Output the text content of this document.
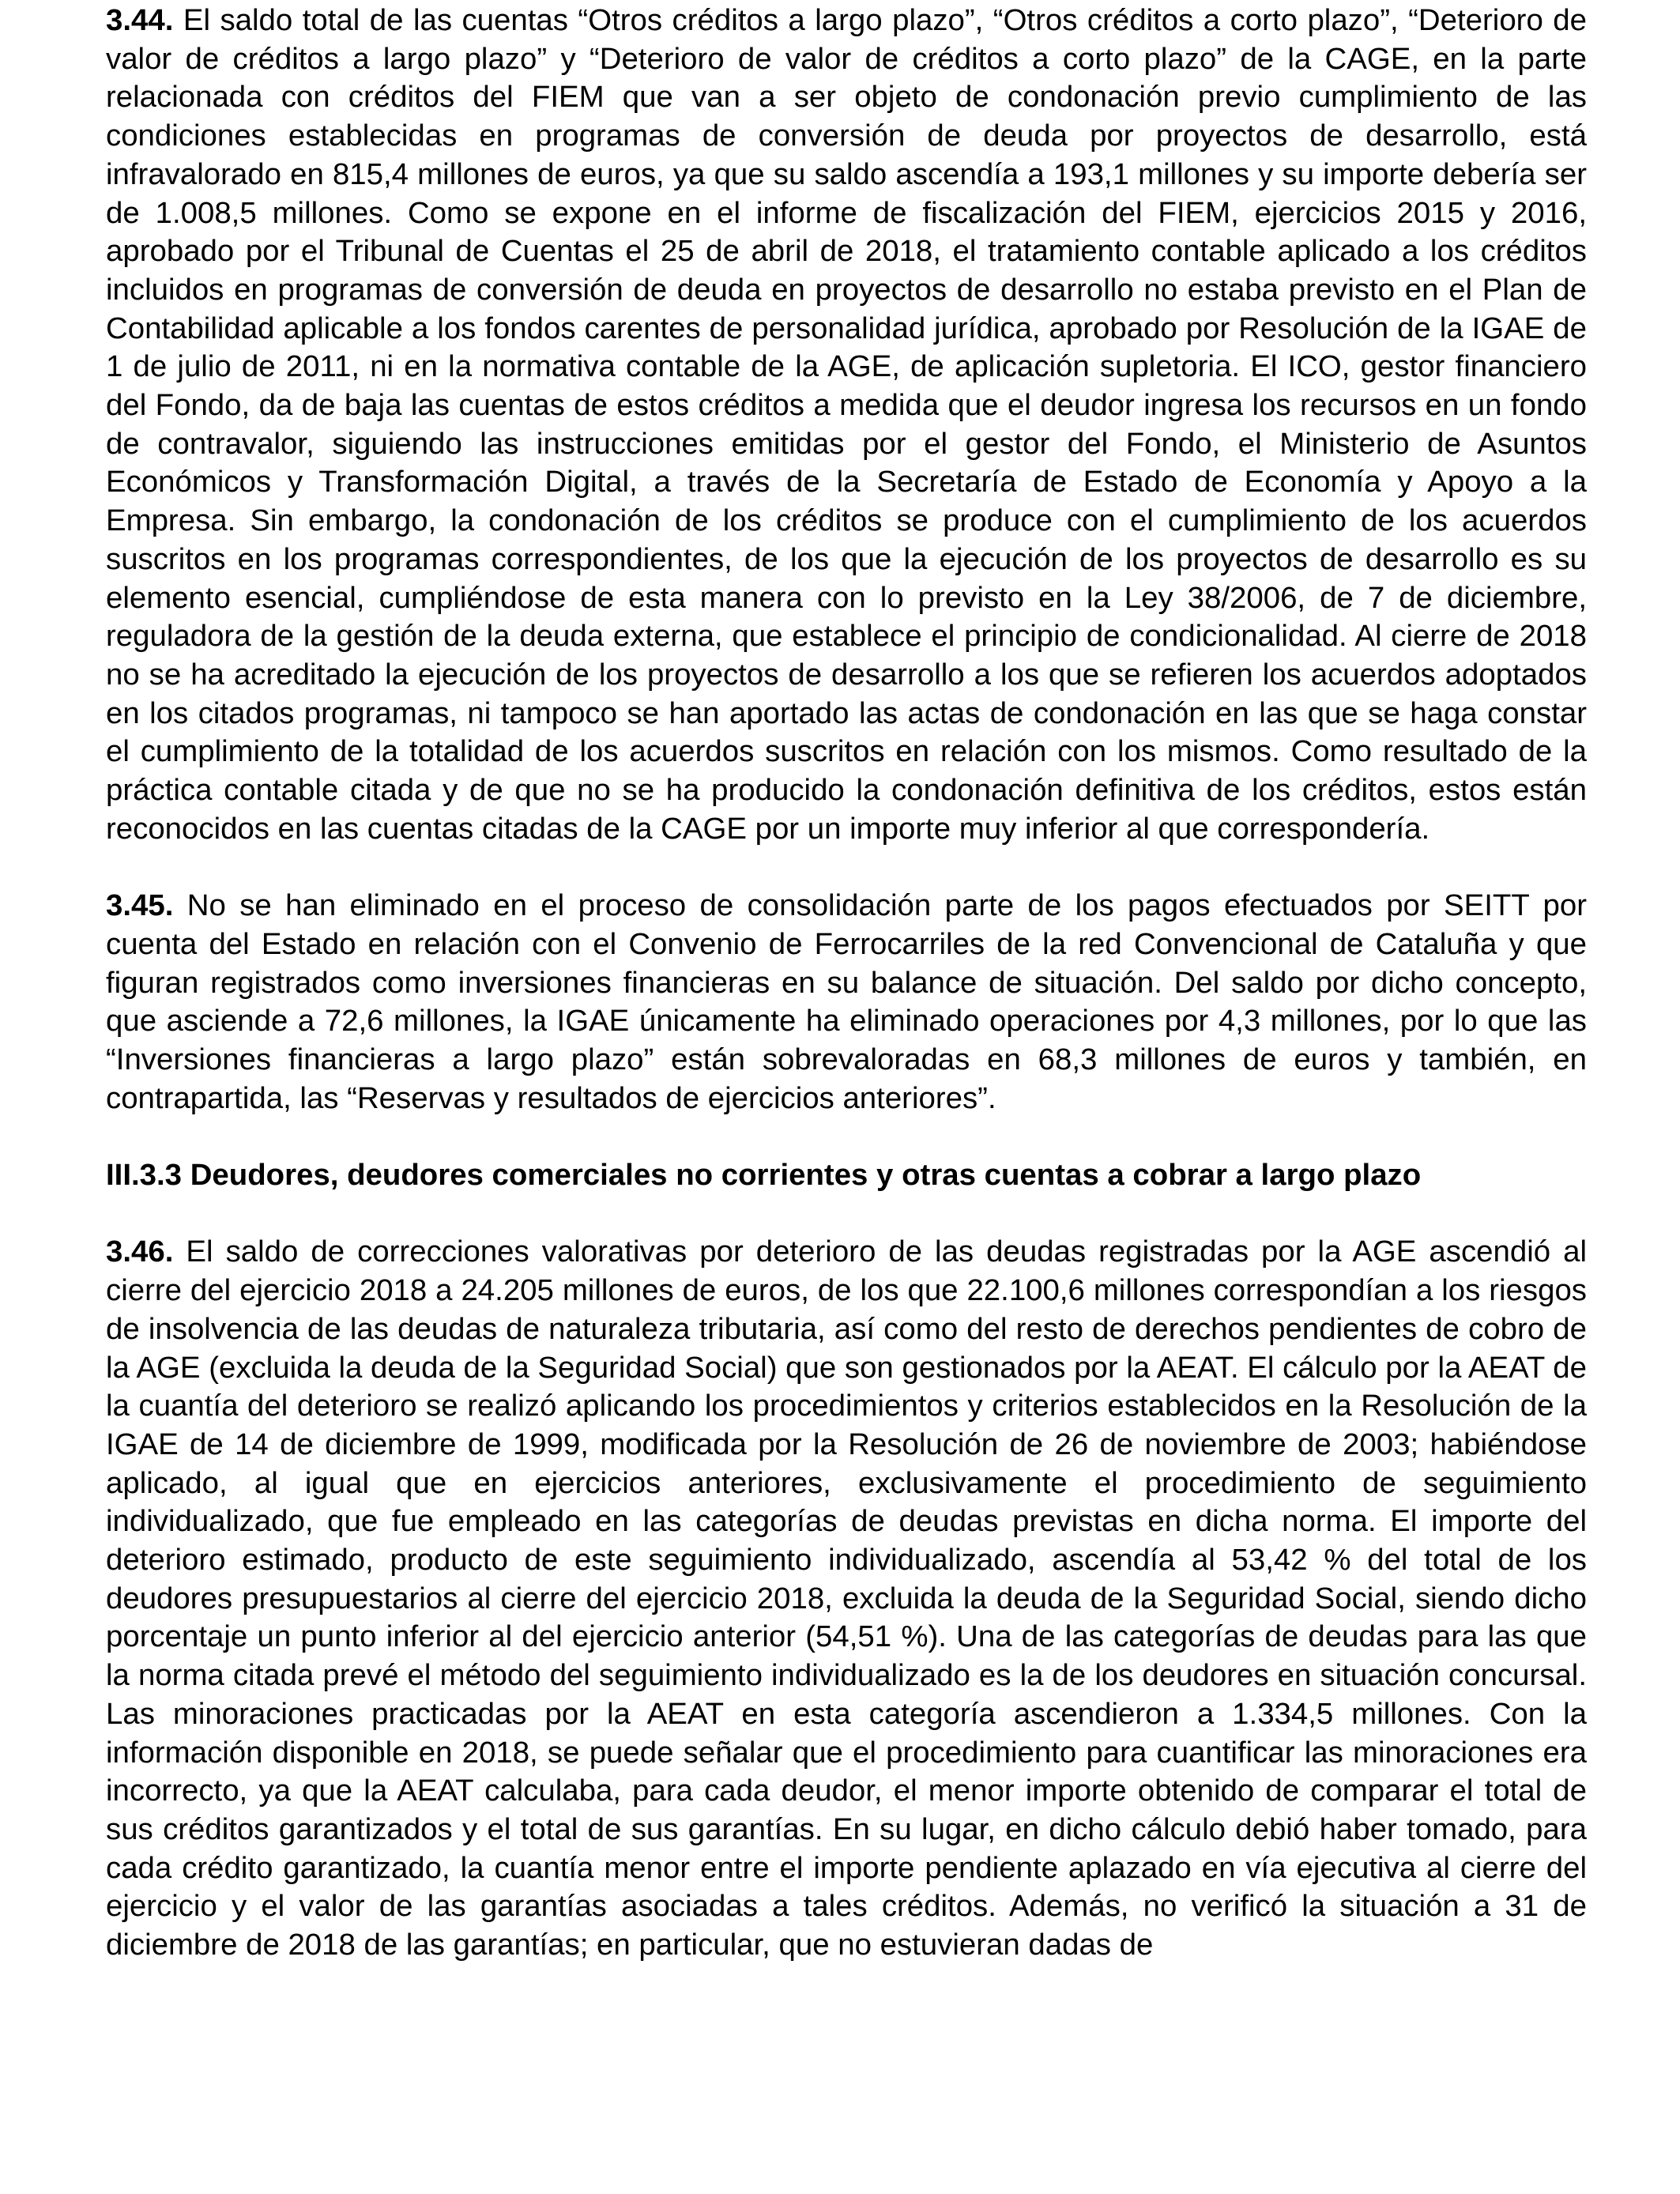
3.44. El saldo total de las cuentas “Otros créditos a largo plazo”, “Otros créditos a corto plazo”, “Deterioro de valor de créditos a largo plazo” y “Deterioro de valor de créditos a corto plazo” de la CAGE, en la parte relacionada con créditos del FIEM que van a ser objeto de condonación previo cumplimiento de las condiciones establecidas en programas de conversión de deuda por proyectos de desarrollo, está infravalorado en 815,4 millones de euros, ya que su saldo ascendía a 193,1 millones y su importe debería ser de 1.008,5 millones. Como se expone en el informe de fiscalización del FIEM, ejercicios 2015 y 2016, aprobado por el Tribunal de Cuentas el 25 de abril de 2018, el tratamiento contable aplicado a los créditos incluidos en programas de conversión de deuda en proyectos de desarrollo no estaba previsto en el Plan de Contabilidad aplicable a los fondos carentes de personalidad jurídica, aprobado por Resolución de la IGAE de 1 de julio de 2011, ni en la normativa contable de la AGE, de aplicación supletoria. El ICO, gestor financiero del Fondo, da de baja las cuentas de estos créditos a medida que el deudor ingresa los recursos en un fondo de contravalor, siguiendo las instrucciones emitidas por el gestor del Fondo, el Ministerio de Asuntos Económicos y Transformación Digital, a través de la Secretaría de Estado de Economía y Apoyo a la Empresa. Sin embargo, la condonación de los créditos se produce con el cumplimiento de los acuerdos suscritos en los programas correspondientes, de los que la ejecución de los proyectos de desarrollo es su elemento esencial, cumpliéndose de esta manera con lo previsto en la Ley 38/2006, de 7 de diciembre, reguladora de la gestión de la deuda externa, que establece el principio de condicionalidad. Al cierre de 2018 no se ha acreditado la ejecución de los proyectos de desarrollo a los que se refieren los acuerdos adoptados en los citados programas, ni tampoco se han aportado las actas de condonación en las que se haga constar el cumplimiento de la totalidad de los acuerdos suscritos en relación con los mismos. Como resultado de la práctica contable citada y de que no se ha producido la condonación definitiva de los créditos, estos están reconocidos en las cuentas citadas de la CAGE por un importe muy inferior al que correspondería.

3.45. No se han eliminado en el proceso de consolidación parte de los pagos efectuados por SEITT por cuenta del Estado en relación con el Convenio de Ferrocarriles de la red Convencional de Cataluña y que figuran registrados como inversiones financieras en su balance de situación. Del saldo por dicho concepto, que asciende a 72,6 millones, la IGAE únicamente ha eliminado operaciones por 4,3 millones, por lo que las “Inversiones financieras a largo plazo” están sobrevaloradas en 68,3 millones de euros y también, en contrapartida, las “Reservas y resultados de ejercicios anteriores”.

III.3.3 Deudores, deudores comerciales no corrientes y otras cuentas a cobrar a largo plazo

3.46. El saldo de correcciones valorativas por deterioro de las deudas registradas por la AGE ascendió al cierre del ejercicio 2018 a 24.205 millones de euros, de los que 22.100,6 millones correspondían a los riesgos de insolvencia de las deudas de naturaleza tributaria, así como del resto de derechos pendientes de cobro de la AGE (excluida la deuda de la Seguridad Social) que son gestionados por la AEAT. El cálculo por la AEAT de la cuantía del deterioro se realizó aplicando los procedimientos y criterios establecidos en la Resolución de la IGAE de 14 de diciembre de 1999, modificada por la Resolución de 26 de noviembre de 2003; habiéndose aplicado, al igual que en ejercicios anteriores, exclusivamente el procedimiento de seguimiento individualizado, que fue empleado en las categorías de deudas previstas en dicha norma. El importe del deterioro estimado, producto de este seguimiento individualizado, ascendía al 53,42 % del total de los deudores presupuestarios al cierre del ejercicio 2018, excluida la deuda de la Seguridad Social, siendo dicho porcentaje un punto inferior al del ejercicio anterior (54,51 %). Una de las categorías de deudas para las que la norma citada prevé el método del seguimiento individualizado es la de los deudores en situación concursal. Las minoraciones practicadas por la AEAT en esta categoría ascendieron a 1.334,5 millones. Con la información disponible en 2018, se puede señalar que el procedimiento para cuantificar las minoraciones era incorrecto, ya que la AEAT calculaba, para cada deudor, el menor importe obtenido de comparar el total de sus créditos garantizados y el total de sus garantías. En su lugar, en dicho cálculo debió haber tomado, para cada crédito garantizado, la cuantía menor entre el importe pendiente aplazado en vía ejecutiva al cierre del ejercicio y el valor de las garantías asociadas a tales créditos. Además, no verificó la situación a 31 de diciembre de 2018 de las garantías; en particular, que no estuvieran dadas de
